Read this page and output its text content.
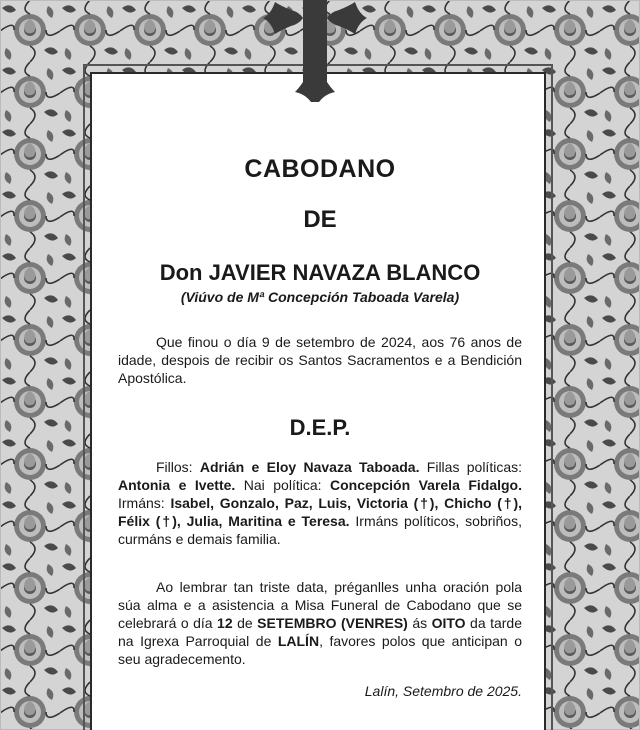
CABODANO
DE
Don JAVIER NAVAZA BLANCO
(Viúvo de Mª Concepción Taboada Varela)

Que finou o día 9 de setembro de 2024, aos 76 anos de idade, despois de recibir os Santos Sacramentos e a Bendición Apostólica.

D.E.P.

Fillos: Adrián e Eloy Navaza Taboada. Fillas políticas: Antonia e Ivette. Nai política: Concepción Varela Fidalgo. Irmáns: Isabel, Gonzalo, Paz, Luis, Victoria (†), Chicho (†), Félix (†), Julia, Maritina e Teresa. Irmáns políticos, sobriños, curmáns e demais familia.

Ao lembrar tan triste data, préganlles unha oración pola súa alma e a asistencia a Misa Funeral de Cabodano que se celebrará o día 12 de SETEMBRO (VENRES) ás OITO da tarde na Igrexa Parroquial de LALÍN, favores polos que anticipan o seu agradecemento.

Lalín, Setembro de 2025.
